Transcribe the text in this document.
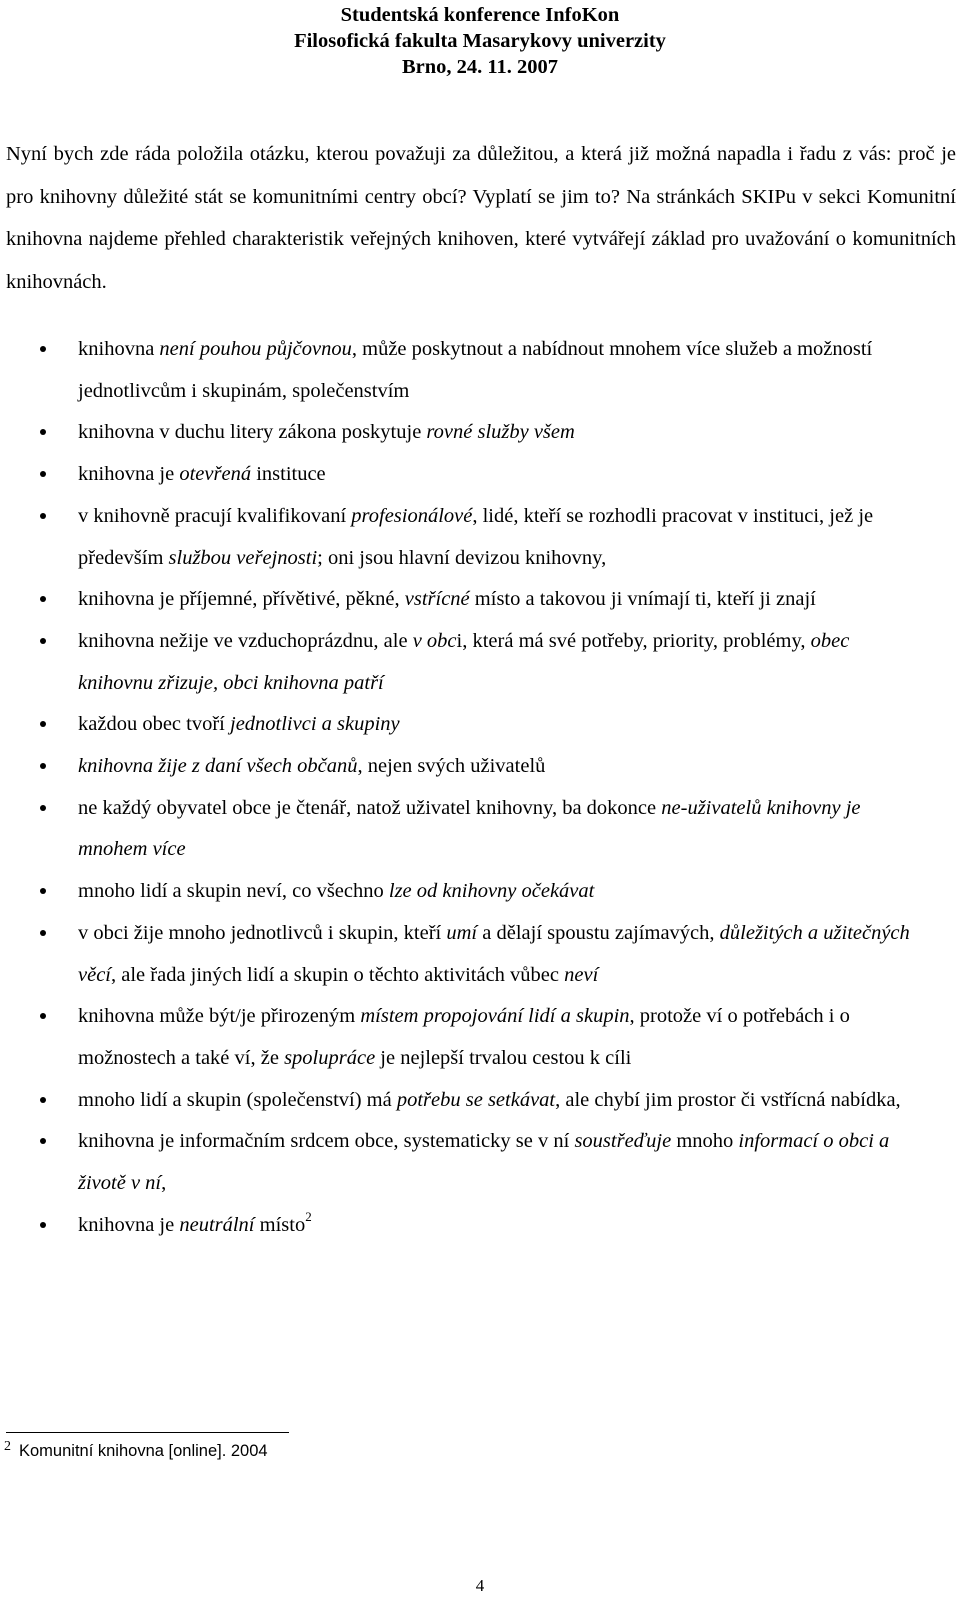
Studentská konference InfoKon
Filosofická fakulta Masarykovy univerzity
Brno, 24. 11. 2007

Nyní bych zde ráda položila otázku, kterou považuji za důležitou, a která již možná napadla i řadu z vás: proč je pro knihovny důležité stát se komunitními centry obcí? Vyplatí se jim to? Na stránkách SKIPu v sekci Komunitní knihovna najdeme přehled charakteristik veřejných knihoven, které vytvářejí základ pro uvažování o komunitních knihovnách.

knihovna není pouhou půjčovnou, může poskytnout a nabídnout mnohem více služeb a možností jednotlivcům i skupinám, společenstvím
knihovna v duchu litery zákona poskytuje rovné služby všem
knihovna je otevřená instituce
v knihovně pracují kvalifikovaní profesionálové, lidé, kteří se rozhodli pracovat v instituci, jež je především službou veřejnosti; oni jsou hlavní devizou knihovny,
knihovna je příjemné, přívětivé, pěkné, vstřícné místo a takovou ji vnímají ti, kteří ji znají
knihovna nežije ve vzduchoprázdnu, ale v obci, která má své potřeby, priority, problémy, obec knihovnu zřizuje, obci knihovna patří
každou obec tvoří jednotlivci a skupiny
knihovna žije z daní všech občanů, nejen svých uživatelů
ne každý obyvatel obce je čtenář, natož uživatel knihovny, ba dokonce ne-uživatelů knihovny je mnohem více
mnoho lidí a skupin neví, co všechno lze od knihovny očekávat
v obci žije mnoho jednotlivců i skupin, kteří umí a dělají spoustu zajímavých, důležitých a užitečných věcí, ale řada jiných lidí a skupin o těchto aktivitách vůbec neví
knihovna může být/je přirozeným místem propojování lidí a skupin, protože ví o potřebách i o možnostech a také ví, že spolupráce je nejlepší trvalou cestou k cíli
mnoho lidí a skupin (společenství) má potřebu se setkávat, ale chybí jim prostor či vstřícná nabídka,
knihovna je informačním srdcem obce, systematicky se v ní soustřeďuje mnoho informací o obci a životě v ní,
knihovna je neutrální místo$^2$
$^2$ Komunitní knihovna [online]. 2004
4
